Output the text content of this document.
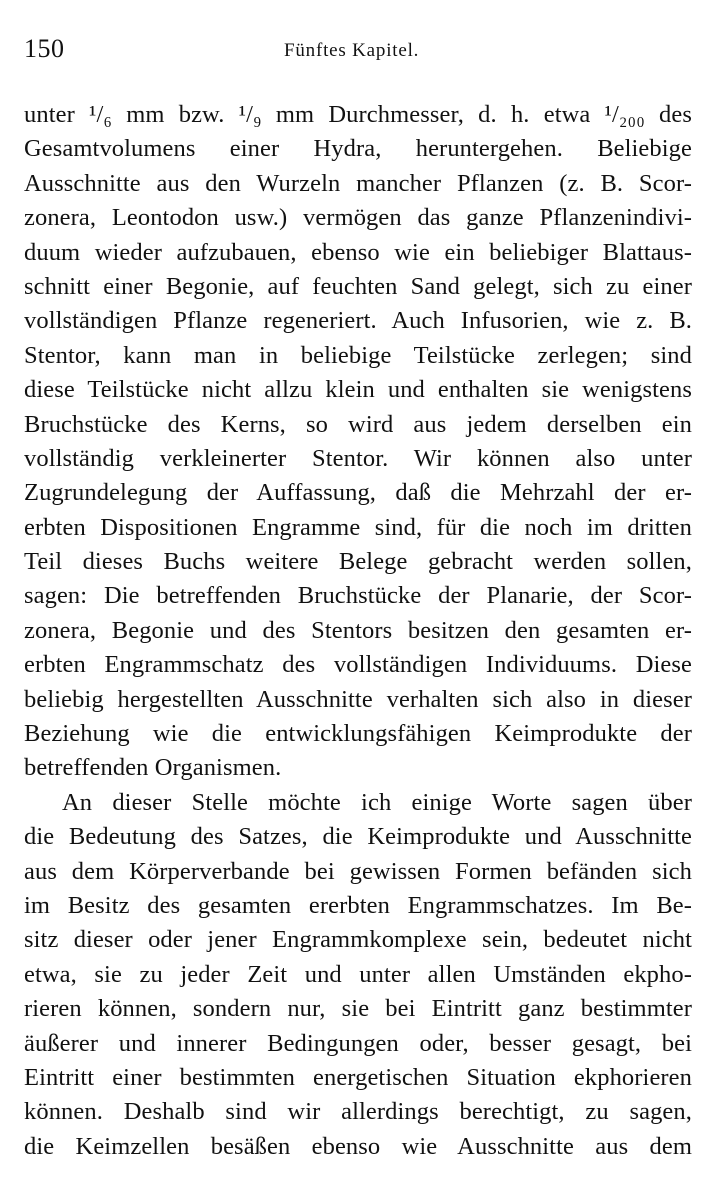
150	Fünftes Kapitel.
unter ¹/₆ mm bzw. ¹/₉ mm Durchmesser, d. h. etwa ¹/₂₀₀ des
Gesamtvolumens einer Hydra, heruntergehen. Beliebige
Ausschnitte aus den Wurzeln mancher Pflanzen (z. B. Scor-
zonera, Leontodon usw.) vermögen das ganze Pflanzenindivi-
duum wieder aufzubauen, ebenso wie ein beliebiger Blattaus-
schnitt einer Begonie, auf feuchten Sand gelegt, sich zu einer
vollständigen Pflanze regeneriert. Auch Infusorien, wie z. B.
Stentor, kann man in beliebige Teilstücke zerlegen; sind
diese Teilstücke nicht allzu klein und enthalten sie wenigstens
Bruchstücke des Kerns, so wird aus jedem derselben ein
vollständig verkleinerter Stentor. Wir können also unter
Zugrundelegung der Auffassung, daß die Mehrzahl der er-
erbten Dispositionen Engramme sind, für die noch im dritten
Teil dieses Buchs weitere Belege gebracht werden sollen,
sagen: Die betreffenden Bruchstücke der Planarie, der Scor-
zonera, Begonie und des Stentors besitzen den gesamten er-
erbten Engrammschatz des vollständigen Individuums. Diese
beliebig hergestellten Ausschnitte verhalten sich also in dieser
Beziehung wie die entwicklungsfähigen Keimprodukte der
betreffenden Organismen.
An dieser Stelle möchte ich einige Worte sagen über
die Bedeutung des Satzes, die Keimprodukte und Ausschnitte
aus dem Körperverbande bei gewissen Formen befänden sich
im Besitz des gesamten ererbten Engrammschatzes. Im Be-
sitz dieser oder jener Engrammkomplexe sein, bedeutet nicht
etwa, sie zu jeder Zeit und unter allen Umständen ekpho-
rieren können, sondern nur, sie bei Eintritt ganz bestimmter
äußerer und innerer Bedingungen oder, besser gesagt, bei
Eintritt einer bestimmten energetischen Situation ekphorieren
können. Deshalb sind wir allerdings berechtigt, zu sagen,
die Keimzellen besäßen ebenso wie Ausschnitte aus dem
